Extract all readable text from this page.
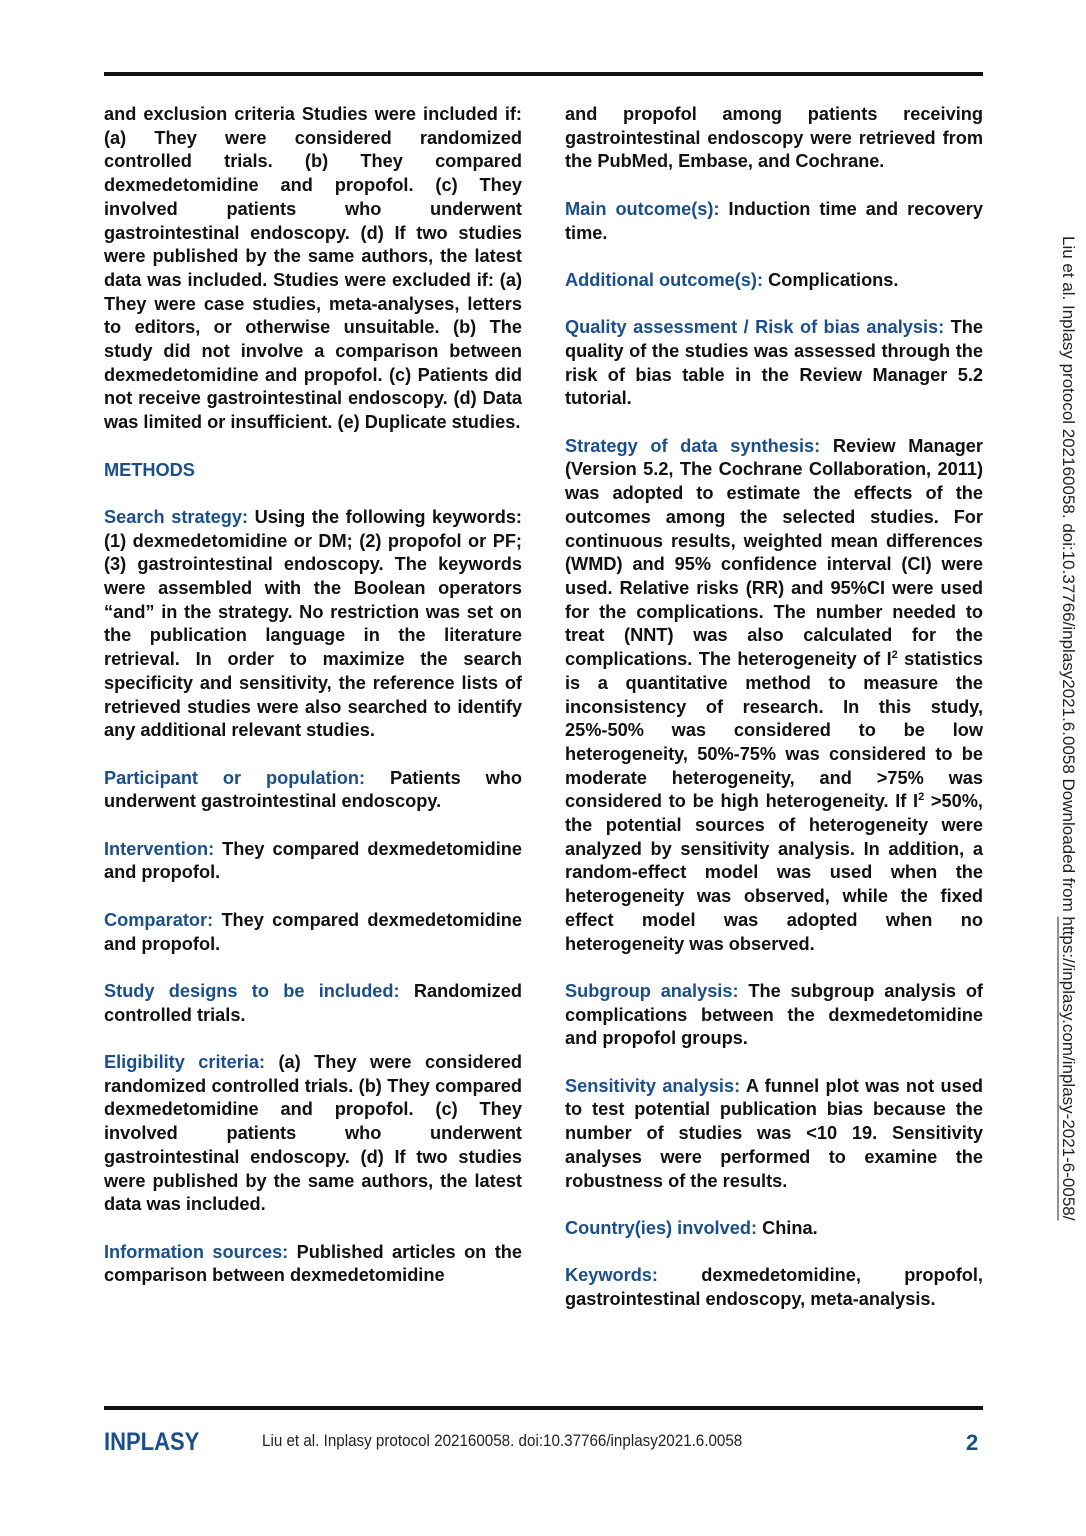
and exclusion criteria Studies were included if: (a) They were considered randomized controlled trials. (b) They compared dexmedetomidine and propofol. (c) They involved patients who underwent gastrointestinal endoscopy. (d) If two studies were published by the same authors, the latest data was included. Studies were excluded if: (a) They were case studies, meta-analyses, letters to editors, or otherwise unsuitable. (b) The study did not involve a comparison between dexmedetomidine and propofol. (c) Patients did not receive gastrointestinal endoscopy. (d) Data was limited or insufficient. (e) Duplicate studies.

METHODS

Search strategy: Using the following keywords: (1) dexmedetomidine or DM; (2) propofol or PF; (3) gastrointestinal endoscopy. The keywords were assembled with the Boolean operators “and” in the strategy. No restriction was set on the publication language in the literature retrieval. In order to maximize the search specificity and sensitivity, the reference lists of retrieved studies were also searched to identify any additional relevant studies.

Participant or population: Patients who underwent gastrointestinal endoscopy.

Intervention: They compared dexmedetomidine and propofol.

Comparator: They compared dexmedetomidine and propofol.

Study designs to be included: Randomized controlled trials.

Eligibility criteria: (a) They were considered randomized controlled trials. (b) They compared dexmedetomidine and propofol. (c) They involved patients who underwent gastrointestinal endoscopy. (d) If two studies were published by the same authors, the latest data was included.

Information sources: Published articles on the comparison between dexmedetomidine

and propofol among patients receiving gastrointestinal endoscopy were retrieved from the PubMed, Embase, and Cochrane.

Main outcome(s): Induction time and recovery time.

Additional outcome(s): Complications.

Quality assessment / Risk of bias analysis: The quality of the studies was assessed through the risk of bias table in the Review Manager 5.2 tutorial.

Strategy of data synthesis: Review Manager (Version 5.2, The Cochrane Collaboration, 2011) was adopted to estimate the effects of the outcomes among the selected studies. For continuous results, weighted mean differences (WMD) and 95% confidence interval (CI) were used. Relative risks (RR) and 95%CI were used for the complications. The number needed to treat (NNT) was also calculated for the complications. The heterogeneity of $I^2$ statistics is a quantitative method to measure the inconsistency of research. In this study, 25%-50% was considered to be low heterogeneity, 50%-75% was considered to be moderate heterogeneity, and >75% was considered to be high heterogeneity. If $I^2 >50\%$, the potential sources of heterogeneity were analyzed by sensitivity analysis. In addition, a random-effect model was used when the heterogeneity was observed, while the fixed effect model was adopted when no heterogeneity was observed.

Subgroup analysis: The subgroup analysis of complications between the dexmedetomidine and propofol groups.

Sensitivity analysis: A funnel plot was not used to test potential publication bias because the number of studies was <10 19. Sensitivity analyses were performed to examine the robustness of the results.

Country(ies) involved: China.

Keywords: dexmedetomidine, propofol, gastrointestinal endoscopy, meta-analysis.

Liu et al. Inplasy protocol 202160058. doi:10.37766/inplasy2021.6.0058 Downloaded from https://inplasy.com/inplasy-2021-6-0058/
INPLASY	Liu et al. Inplasy protocol 202160058. doi:10.37766/inplasy2021.6.0058	2
